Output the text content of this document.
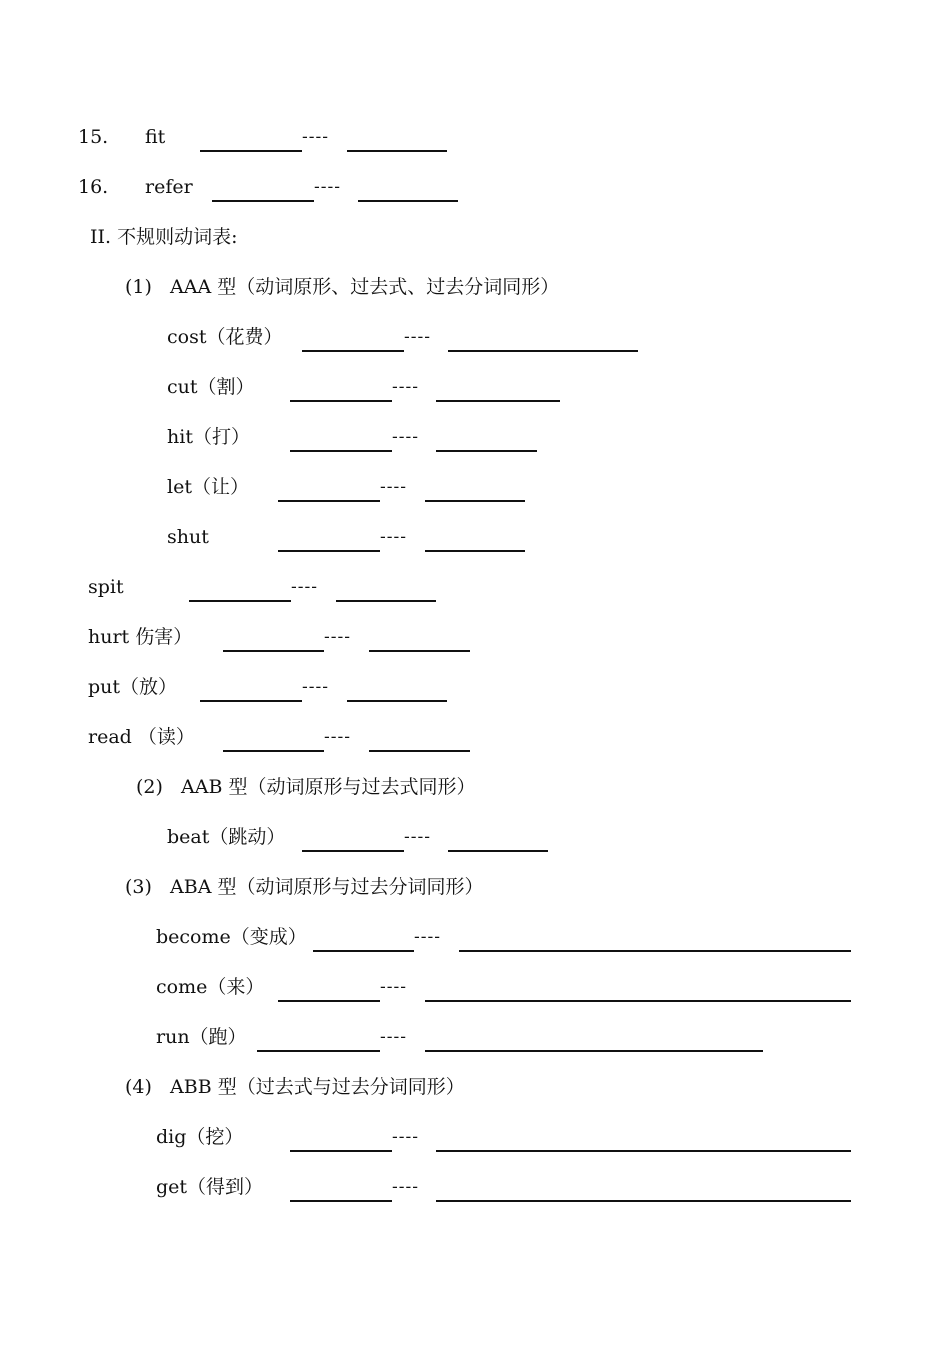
15. fit	----
16. refer	----
II. 不规则动词表:
(1)   AAA 型（动词原形、过去式、过去分词同形）
cost（花费）	----
cut（割）	----
hit（打）	----
let（让）	----
shut	----
spit	----
hurt 伤害）	----
put（放）	----
read （读）	----
(2)   AAB 型（动词原形与过去式同形）
beat（跳动）	----
(3)   ABA 型（动词原形与过去分词同形）
become（变成）	----
come（来）	----
run（跑）	----
(4)   ABB 型（过去式与过去分词同形）
dig（挖）	----
get（得到）	----
